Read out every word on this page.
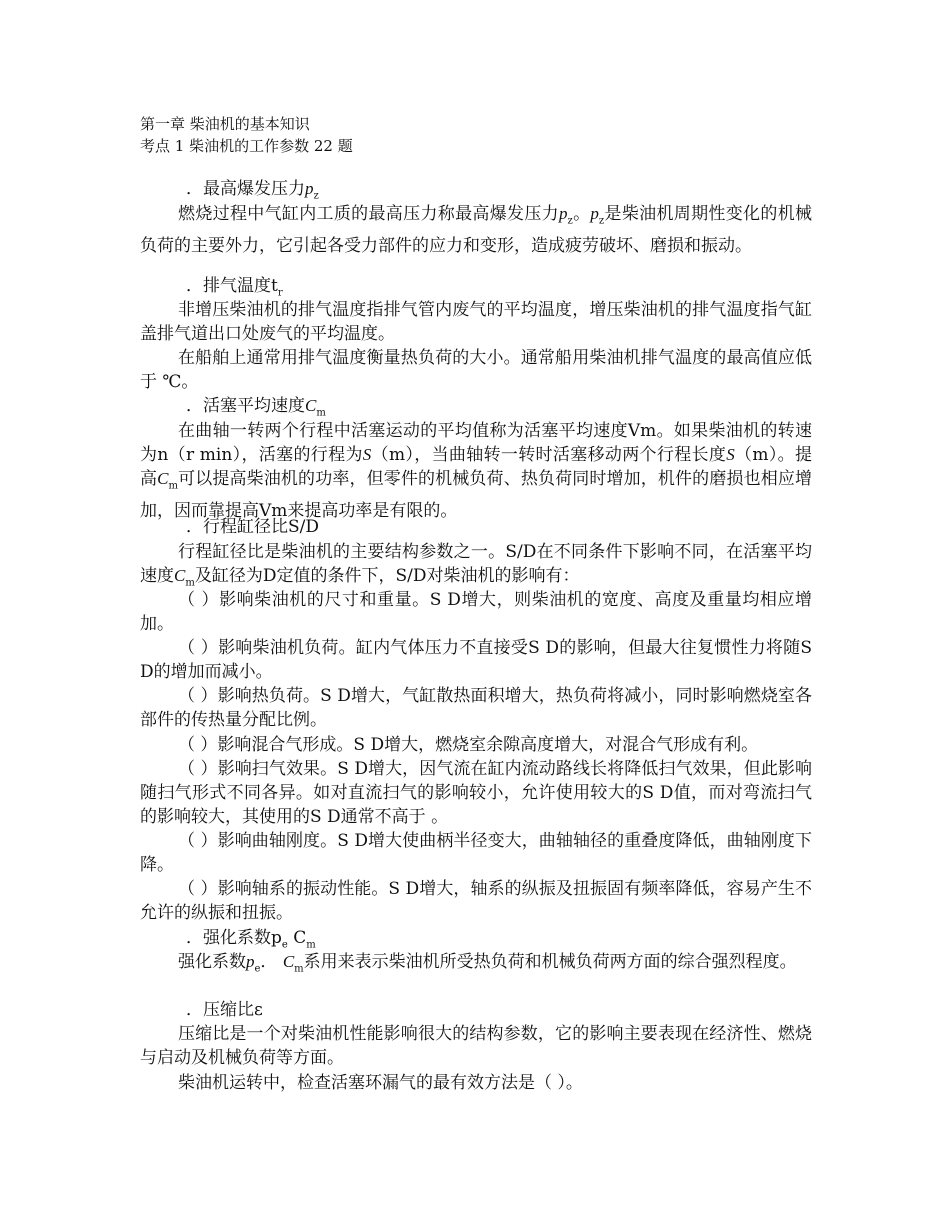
第一章 柴油机的基本知识
考点 1 柴油机的工作参数 22 题
．最高爆发压力$p_z$

燃烧过程中气缸内工质的最高压力称最高爆发压力$p_z$。$p_z$是柴油机周期性变化的机械负荷的主要外力，它引起各受力部件的应力和变形，造成疲劳破坏、磨损和振动。

．排气温度$t_r$

非增压柴油机的排气温度指排气管内废气的平均温度，增压柴油机的排气温度指气缸盖排气道出口处废气的平均温度。

在船舶上通常用排气温度衡量热负荷的大小。通常船用柴油机排气温度的最高值应低于 ℃。

．活塞平均速度$C_m$

在曲轴一转两个行程中活塞运动的平均值称为活塞平均速度Vm。如果柴油机的转速为n（r min），活塞的行程为S（m），当曲轴转一转时活塞移动两个行程长度S（m）。提高$C_m$可以提高柴油机的功率，但零件的机械负荷、热负荷同时增加，机件的磨损也相应增加，因而靠提高Vm来提高功率是有限的。

．行程缸径比S/D

行程缸径比是柴油机的主要结构参数之一。S/D在不同条件下影响不同，在活塞平均速度$C_m$及缸径为D定值的条件下，S/D对柴油机的影响有：

（ ）影响柴油机的尺寸和重量。S D增大，则柴油机的宽度、高度及重量均相应增加。

（ ）影响柴油机负荷。缸内气体压力不直接受S D的影响，但最大往复惯性力将随S D的增加而减小。

（ ）影响热负荷。S D增大，气缸散热面积增大，热负荷将减小，同时影响燃烧室各部件的传热量分配比例。

（ ）影响混合气形成。S D增大，燃烧室余隙高度增大，对混合气形成有利。

（ ）影响扫气效果。S D增大，因气流在缸内流动路线长将降低扫气效果，但此影响随扫气形式不同各异。如对直流扫气的影响较小，允许使用较大的S D值，而对弯流扫气的影响较大，其使用的S D通常不高于 。

（ ）影响曲轴刚度。S D增大使曲柄半径变大，曲轴轴径的重叠度降低，曲轴刚度下降。

（ ）影响轴系的振动性能。S D增大，轴系的纵振及扭振固有频率降低，容易产生不允许的纵振和扭振。

．强化系数$p_e$ $C_m$

强化系数$p_e$． $C_m$系用来表示柴油机所受热负荷和机械负荷两方面的综合强烈程度。

．压缩比ε

压缩比是一个对柴油机性能影响很大的结构参数，它的影响主要表现在经济性、燃烧与启动及机械负荷等方面。

柴油机运转中，检查活塞环漏气的最有效方法是（ ）。
